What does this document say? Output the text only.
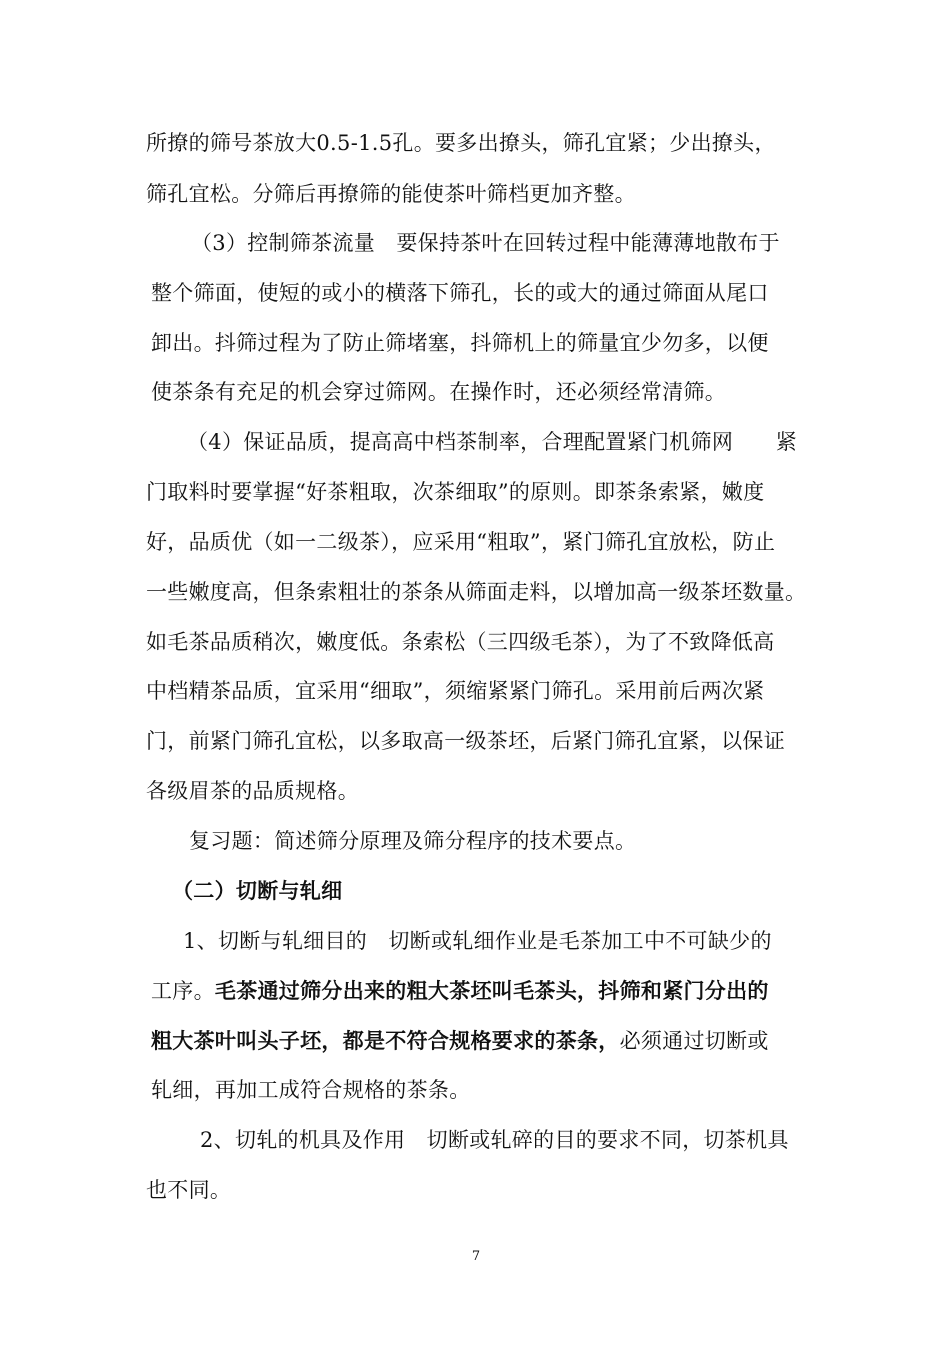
所撩的筛号茶放大0.5-1.5孔。要多出撩头，筛孔宜紧；少出撩头，
筛孔宜松。分筛后再撩筛的能使茶叶筛档更加齐整。
（3）控制筛茶流量　要保持茶叶在回转过程中能薄薄地散布于
整个筛面，使短的或小的横落下筛孔，长的或大的通过筛面从尾口
卸出。抖筛过程为了防止筛堵塞，抖筛机上的筛量宜少勿多，以便
使茶条有充足的机会穿过筛网。在操作时，还必须经常清筛。
（4）保证品质，提高高中档茶制率，合理配置紧门机筛网　　紧
门取料时要掌握“好茶粗取，次茶细取”的原则。即茶条索紧，嫩度
好，品质优（如一二级茶），应采用“粗取”，紧门筛孔宜放松，防止
一些嫩度高，但条索粗壮的茶条从筛面走料，以增加高一级茶坯数量。
如毛茶品质稍次，嫩度低。条索松（三四级毛茶），为了不致降低高
中档精茶品质，宜采用“细取”，须缩紧紧门筛孔。采用前后两次紧
门，前紧门筛孔宜松，以多取高一级茶坯，后紧门筛孔宜紧，以保证
各级眉茶的品质规格。
复习题：简述筛分原理及筛分程序的技术要点。
（二）切断与轧细
1、切断与轧细目的　切断或轧细作业是毛茶加工中不可缺少的
工序。毛茶通过筛分出来的粗大茶坯叫毛茶头，抖筛和紧门分出的
粗大茶叶叫头子坯，都是不符合规格要求的茶条，必须通过切断或
轧细，再加工成符合规格的茶条。
2、切轧的机具及作用　切断或轧碎的目的要求不同，切茶机具
也不同。
7
